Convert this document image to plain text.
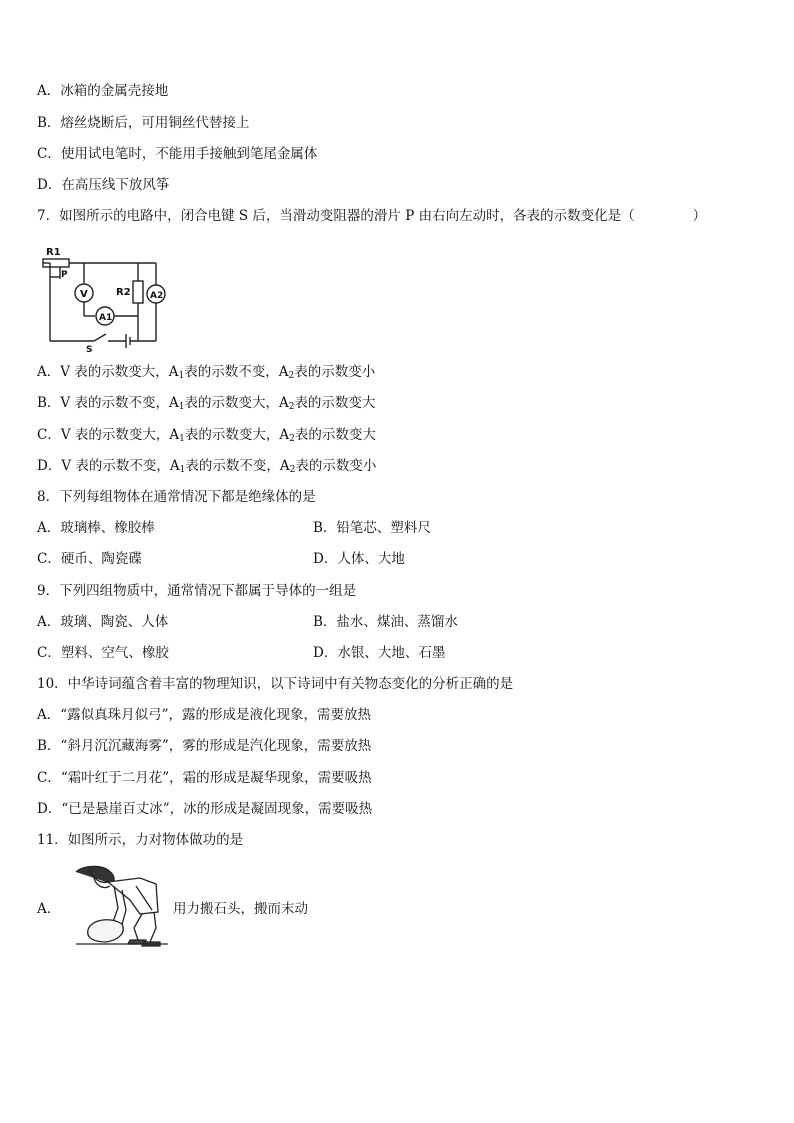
A．冰箱的金属壳接地
B．熔丝烧断后，可用铜丝代替接上
C．使用试电笔时，不能用手接触到笔尾金属体
D．在高压线下放风筝
7．如图所示的电路中，闭合电键 S 后，当滑动变阻器的滑片 P 由右向左动时，各表的示数变化是（	）
R1
P
V
A1
R2 A2
S
A．V 表的示数变大，$A_1$表的示数不变，$A_2$表的示数变小
B．V 表的示数不变，$A_1$表的示数变大，$A_2$表的示数变大
C．V 表的示数变大，$A_1$表的示数变大，$A_2$表的示数变大
D．V 表的示数不变，$A_1$表的示数不变，$A_2$表的示数变小
8．下列每组物体在通常情况下都是绝缘体的是
A．玻璃棒、橡胶棒	B．铅笔芯、塑料尺
C．硬币、陶瓷碟	D．人体、大地
9．下列四组物质中，通常情况下都属于导体的一组是
A．玻璃、陶瓷、人体	B．盐水、煤油、蒸馏水
C．塑料、空气、橡胶	D．水银、大地、石墨
10．中华诗词蕴含着丰富的物理知识，以下诗词中有关物态变化的分析正确的是
A．“露似真珠月似弓”，露的形成是液化现象，需要放热
B．“斜月沉沉藏海雾”，雾的形成是汽化现象，需要放热
C．“霜叶红于二月花”，霜的形成是凝华现象，需要吸热
D．“已是悬崖百丈冰”，冰的形成是凝固现象，需要吸热
11．如图所示，力对物体做功的是
A．	用力搬石头，搬而末动
